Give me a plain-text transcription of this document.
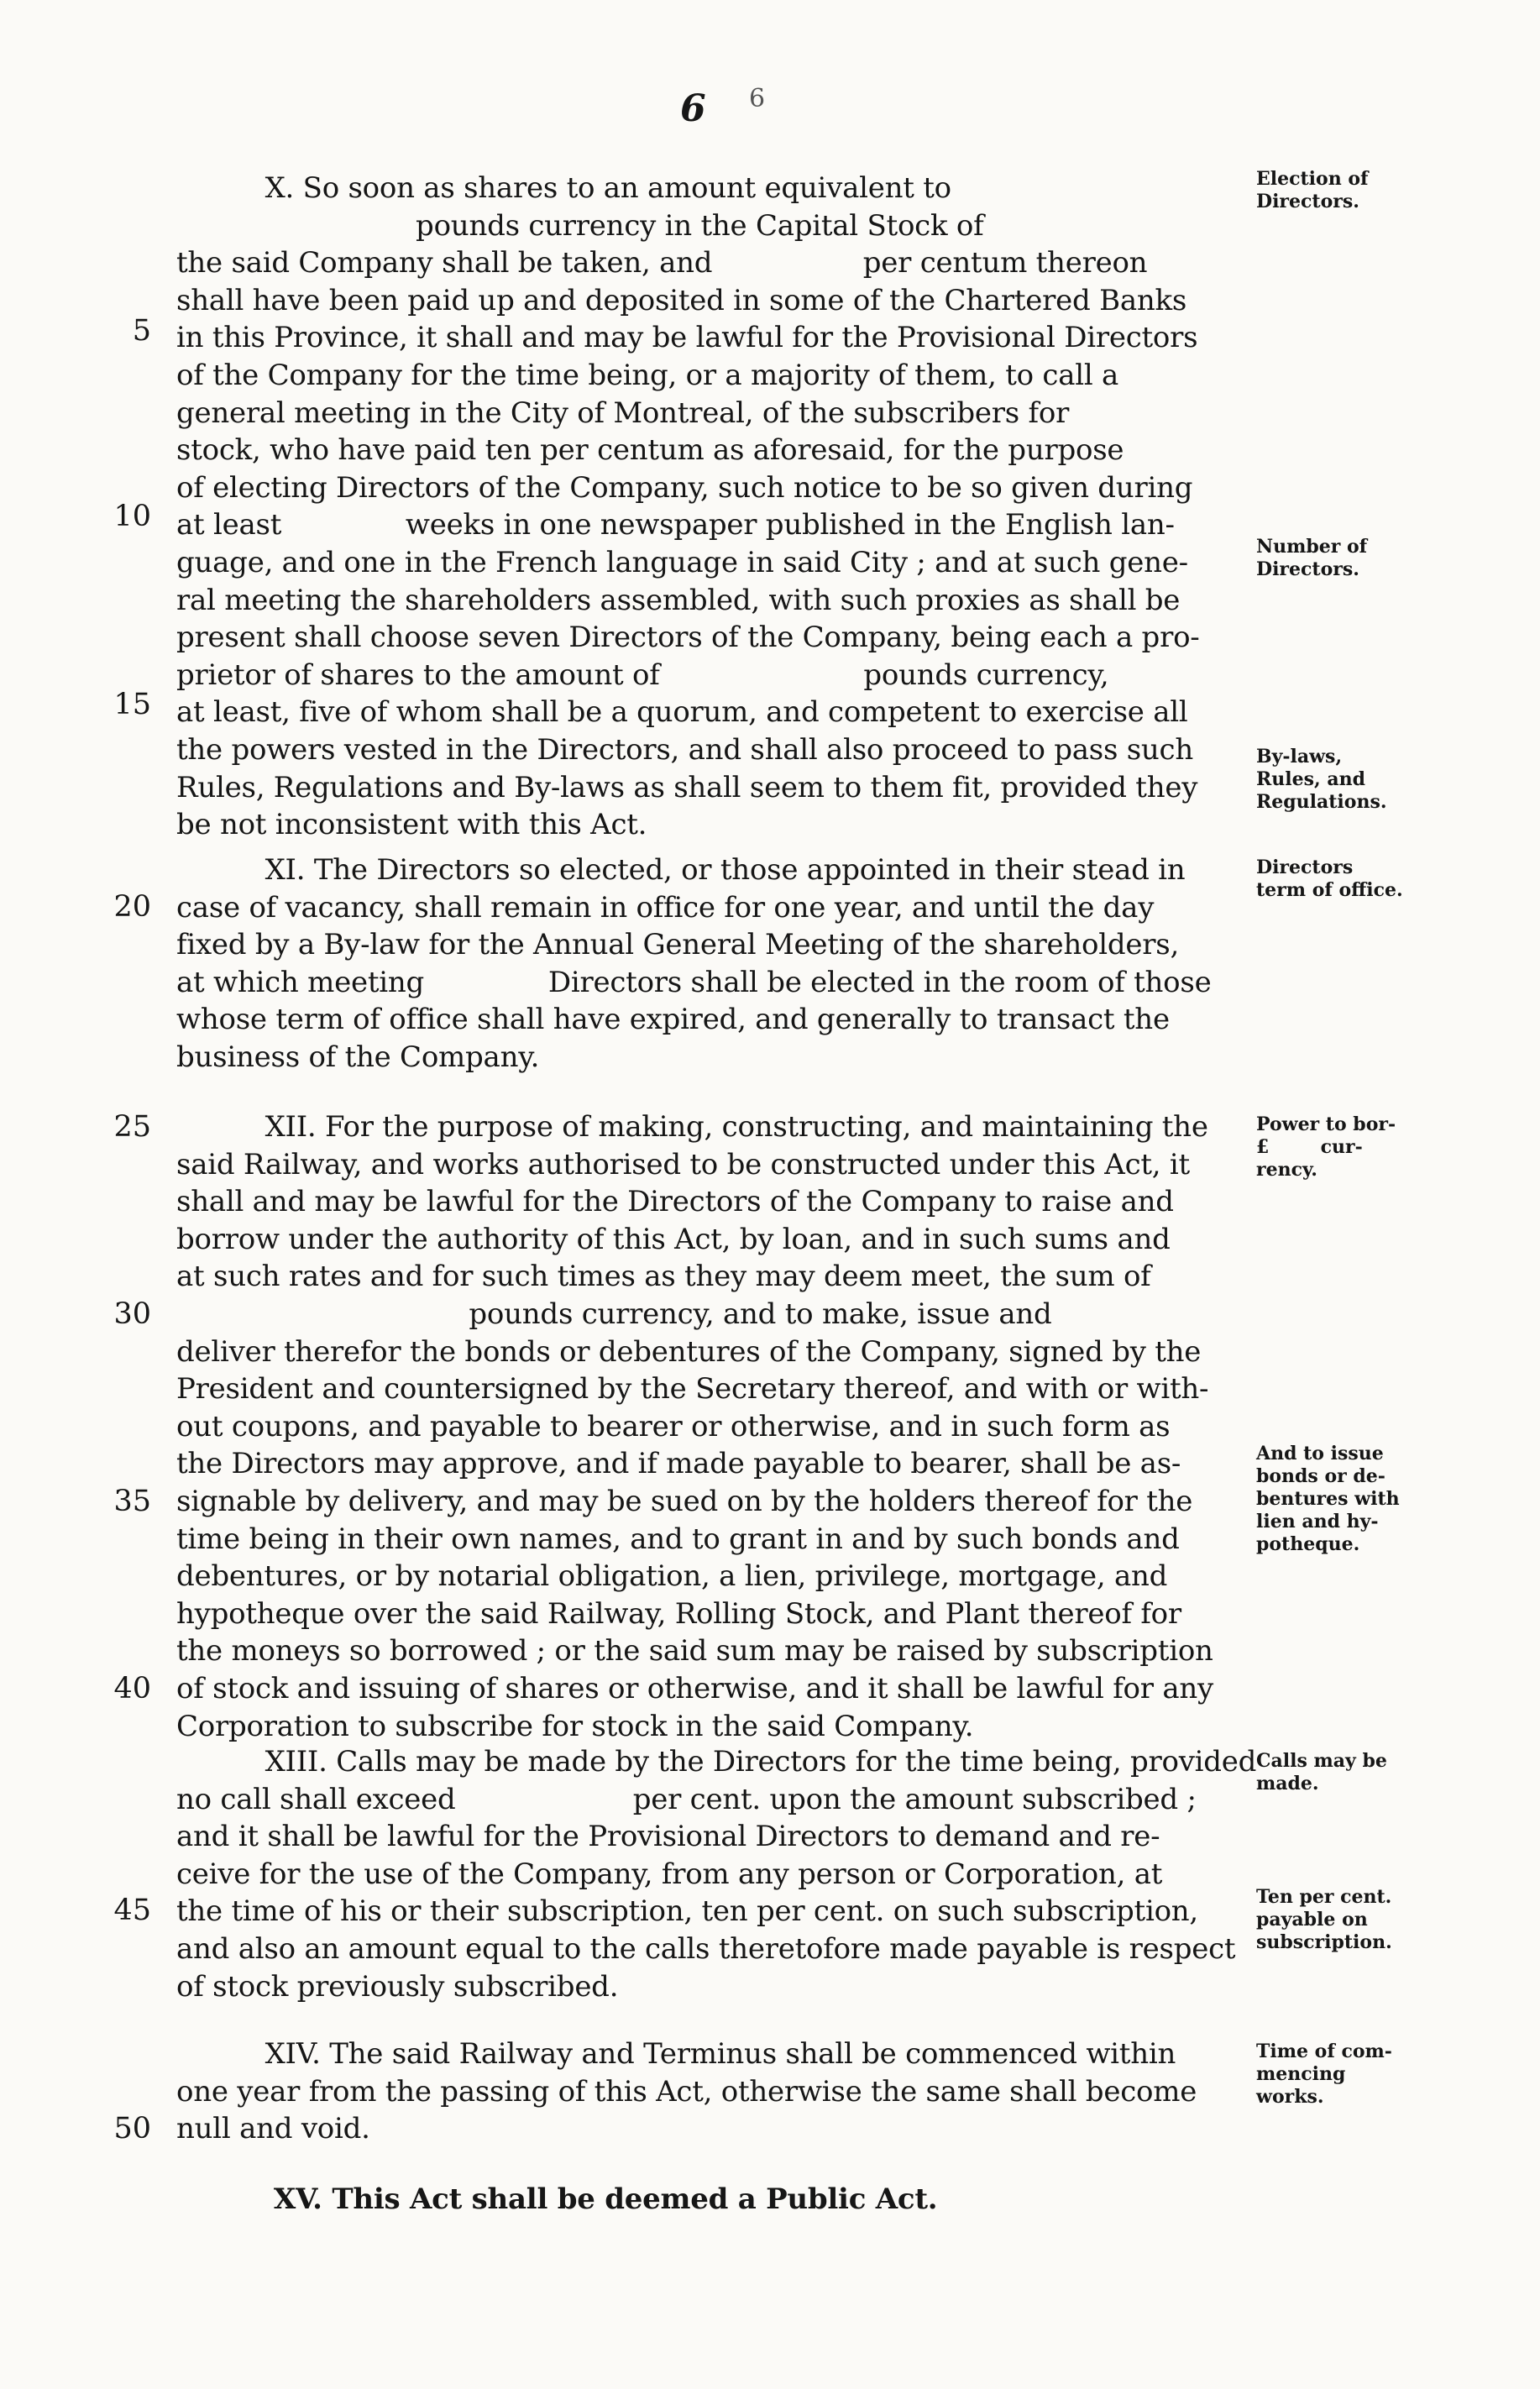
6 6
X. So soon as shares to an amount equivalent to
pounds currency in the Capital Stock of
the said Company shall be taken, and                 per centum thereon
shall have been paid up and deposited in some of the Chartered Banks
in this Province, it shall and may be lawful for the Provisional Directors
of the Company for the time being, or a majority of them, to call a
general meeting in the City of Montreal, of the subscribers for
stock, who have paid ten per centum as aforesaid, for the purpose
of electing Directors of the Company, such notice to be so given during
at least              weeks in one newspaper published in the English lan-
guage, and one in the French language in said City ; and at such gene-
ral meeting the shareholders assembled, with such proxies as shall be
present shall choose seven Directors of the Company, being each a pro-
prietor of shares to the amount of                       pounds currency,
at least, five of whom shall be a quorum, and competent to exercise all
the powers vested in the Directors, and shall also proceed to pass such
Rules, Regulations and By-laws as shall seem to them fit, provided they
be not inconsistent with this Act.
XI. The Directors so elected, or those appointed in their stead in
case of vacancy, shall remain in office for one year, and until the day
fixed by a By-law for the Annual General Meeting of the shareholders,
at which meeting              Directors shall be elected in the room of those
whose term of office shall have expired, and generally to transact the
business of the Company.
XII. For the purpose of making, constructing, and maintaining the
said Railway, and works authorised to be constructed under this Act, it
shall and may be lawful for the Directors of the Company to raise and
borrow under the authority of this Act, by loan, and in such sums and
at such rates and for such times as they may deem meet, the sum of
pounds currency, and to make, issue and
deliver therefor the bonds or debentures of the Company, signed by the
President and countersigned by the Secretary thereof, and with or with-
out coupons, and payable to bearer or otherwise, and in such form as
the Directors may approve, and if made payable to bearer, shall be as-
signable by delivery, and may be sued on by the holders thereof for the
time being in their own names, and to grant in and by such bonds and
debentures, or by notarial obligation, a lien, privilege, mortgage, and
hypotheque over the said Railway, Rolling Stock, and Plant thereof for
the moneys so borrowed ; or the said sum may be raised by subscription
of stock and issuing of shares or otherwise, and it shall be lawful for any
Corporation to subscribe for stock in the said Company.
XIII. Calls may be made by the Directors for the time being, provided
no call shall exceed                    per cent. upon the amount subscribed ;
and it shall be lawful for the Provisional Directors to demand and re-
ceive for the use of the Company, from any person or Corporation, at
the time of his or their subscription, ten per cent. on such subscription,
and also an amount equal to the calls theretofore made payable is respect
of stock previously subscribed.
XIV. The said Railway and Terminus shall be commenced within
one year from the passing of this Act, otherwise the same shall become
null and void.
XV. This Act shall be deemed a Public Act.
5
10
15
20
25
30
35
40
45
50
Election of
Directors.
Number of
Directors.
By-laws,
Rules, and
Regulations.
Directors
term of office.
Power to bor-
£        cur-
rency.
And to issue
bonds or de-
bentures with
lien and hy-
potheque.
Calls may be
made.
Ten per cent.
payable on
subscription.
Time of com-
mencing
works.
